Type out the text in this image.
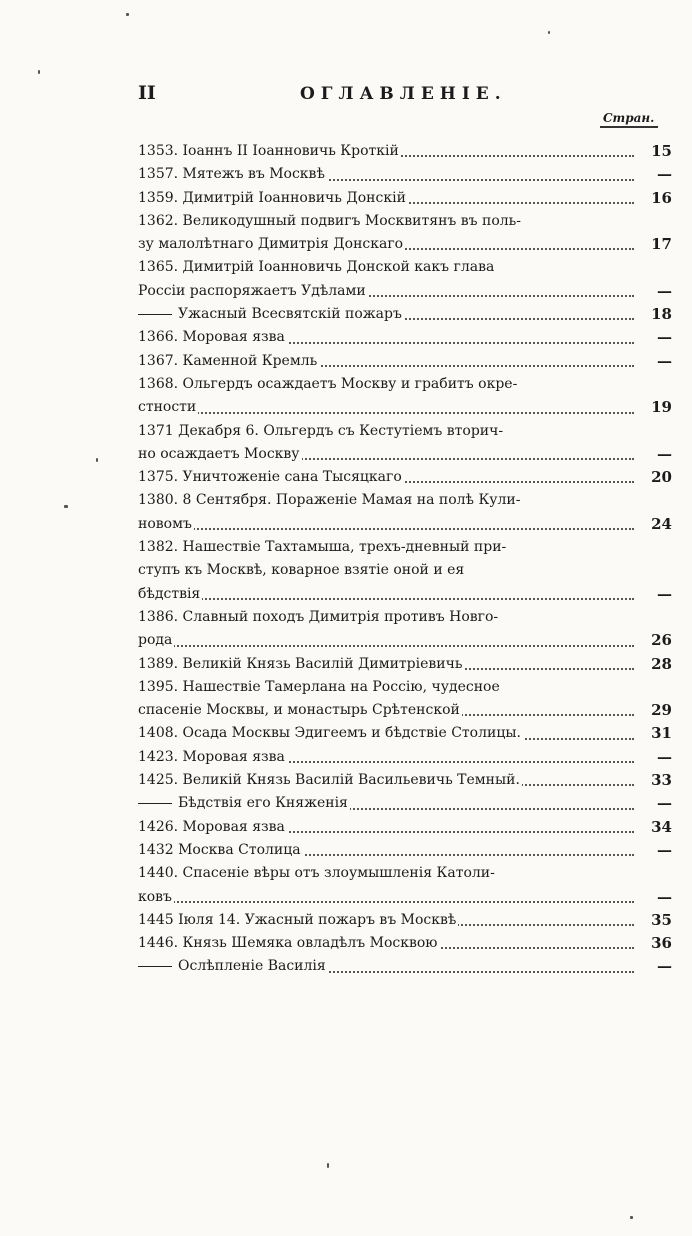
II	ОГЛАВЛЕНІЕ.
Стран.
1353. Іоаннъ II Іоанновичь Кроткій	15
1357. Мятежъ въ Москвѣ	—
1359. Димитрій Іоанновичь Донскій	16
1362. Великодушный подвигъ Москвитянъ въ поль-
зу малолѣтнаго Димитрія Донскаго	17
1365. Димитрій Іоанновичь Донской какъ глава
Россіи распоряжаетъ Удѣлами	—
Ужасный Всесвятскій пожаръ	18
1366. Моровая язва	—
1367. Каменной Кремль	—
1368. Ольгердъ осаждаетъ Москву и грабитъ окре-
стности	19
1371 Декабря 6. Ольгердъ съ Кестутіемъ вторич-
но осаждаетъ Москву	—
1375. Уничтоженіе сана Тысяцкаго	20
1380. 8 Сентября. Пораженіе Мамая на полѣ Кули-
новомъ	24
1382. Нашествіе Тахтамыша, трехъ-дневный при-
ступъ къ Москвѣ, коварное взятіе оной и ея
бѣдствія	—
1386. Славный походъ Димитрія противъ Новго-
рода	26
1389. Великій Князь Василій Димитріевичь	28
1395. Нашествіе Тамерлана на Россію, чудесное
спасеніе Москвы, и монастырь Срѣтенской	29
1408. Осада Москвы Эдигеемъ и бѣдствіе Столицы.	31
1423. Моровая язва	—
1425. Великій Князь Василій Васильевичь Темный.	33
Бѣдствія его Княженія	—
1426. Моровая язва	34
1432 Москва Столица	—
1440. Спасеніе вѣры отъ злоумышленія Католи-
ковъ	—
1445 Іюля 14. Ужасный пожаръ въ Москвѣ	35
1446. Князь Шемяка овладѣлъ Москвою	36
Ослѣпленіе Василія	—
